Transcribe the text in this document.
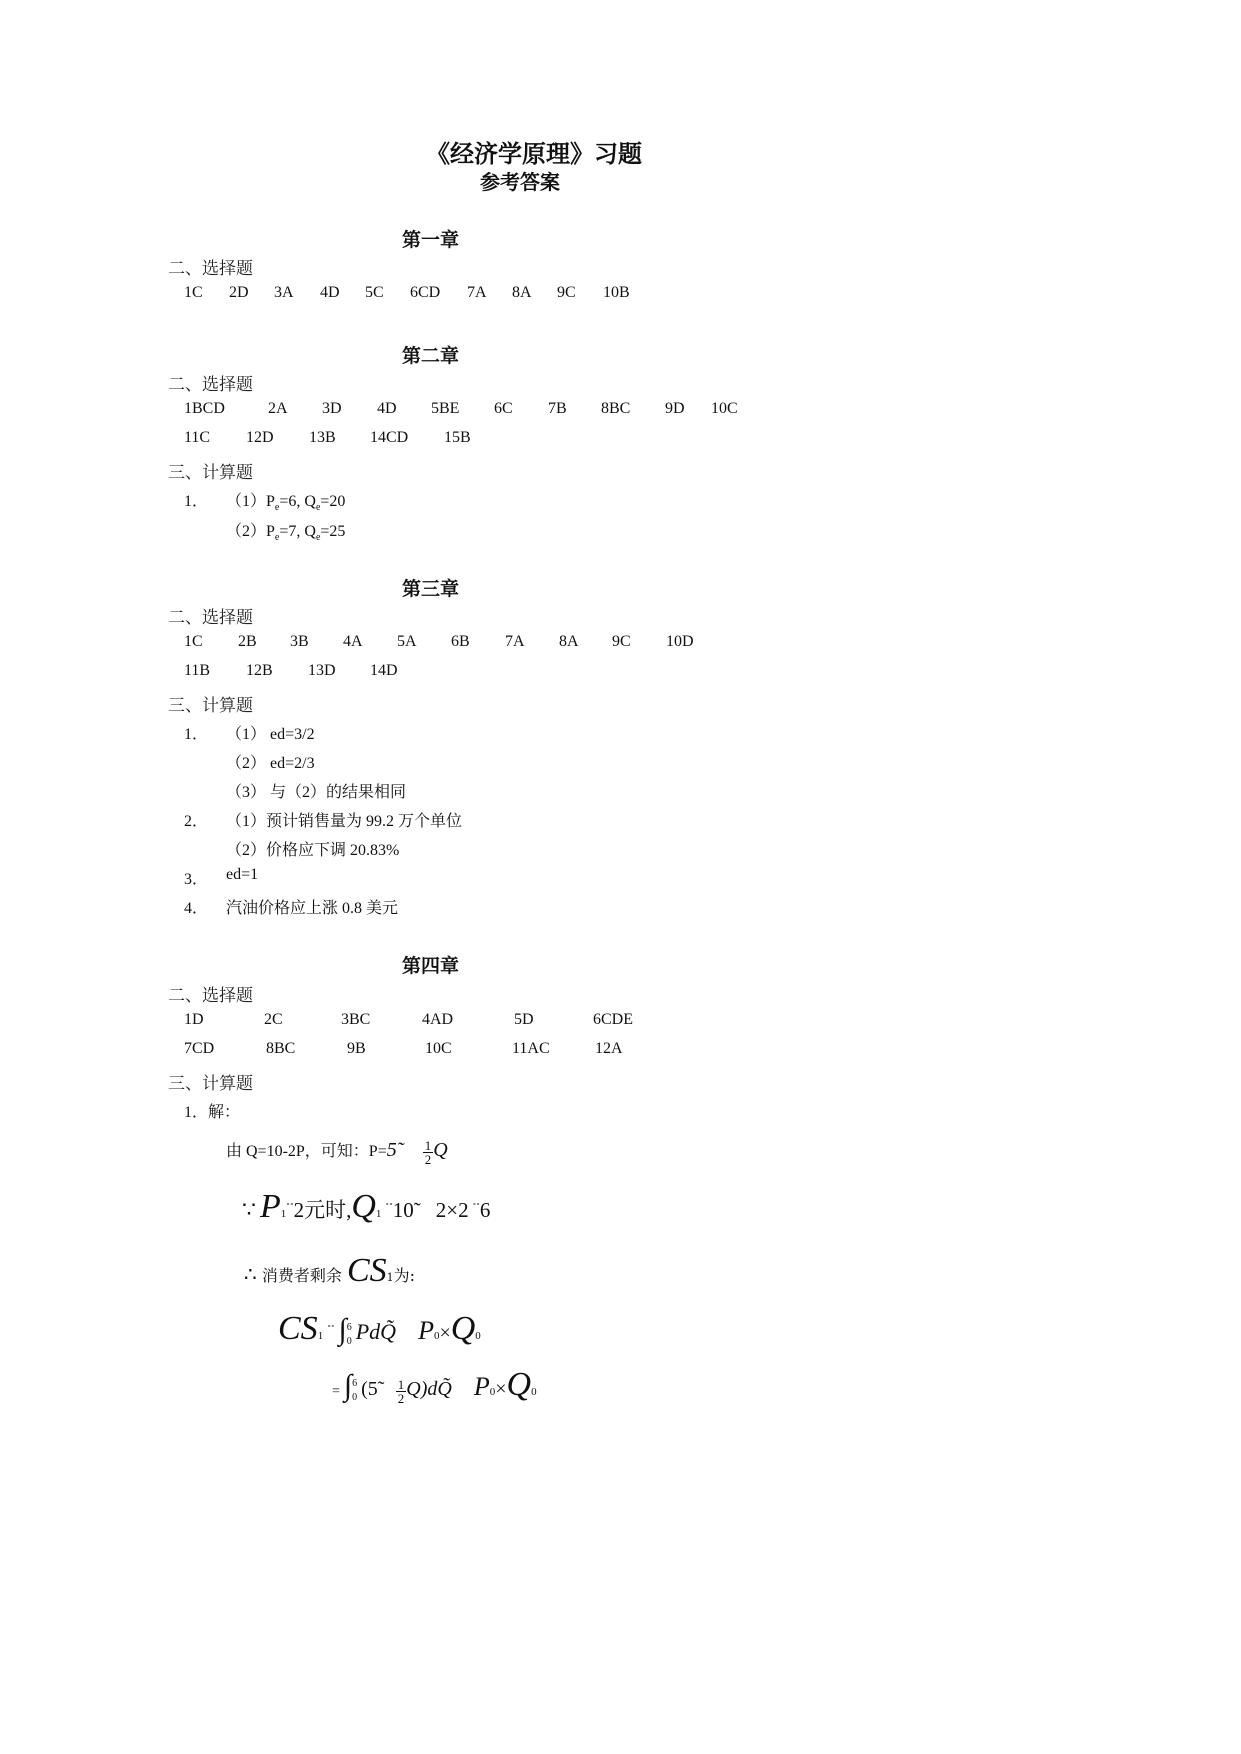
《经济学原理》习题
参考答案
第一章
二、选择题
1C 2D 3A 4D 5C 6CD 7A 8A 9C 10B
第二章
二、选择题
1BCD	2A 3D 4D 5BE 6C 7B 8BC 9D 10C
11C 12D 13B 14CD 15B
三、计算题
1． $(1)P_e=6$, $Q_e=20$
$(2)P_e=7$, $Q_e=25$
第三章
二、选择题
1C 2B 3B 4A 5A 6B 7A 8A 9C 10D
11B 12B 13D 14D
三、计算题
1． （1） ed=3/2
（2） ed=2/3
（3） 与（2）的结果相同
2． （1）预计销售量为 99.2 万个单位
（2）价格应下调 20.83%
3． ed=1
4． 汽油价格应上涨 0.8 美元
第四章
二、选择题
1D	2C	3BC	4AD	5D	6CDE
7CD	8BC	9B	10C	11AC	12A
三、计算题
1．解：
由 Q=10-2P，可知：P=5̃ $\frac{1}{2}$ Q
∵ P1˚˚2元时,Q1 ˚˚10̃ 2×2 ˚˚6
∴ 消费者剩余 CS1为:
CS1 ˚˚ ∫ 6
0 PdQ̃ P0×Q0
= ∫ 6
0 (5̃ $\frac{1}{2}$ Q)dQ̃ P0×Q0
